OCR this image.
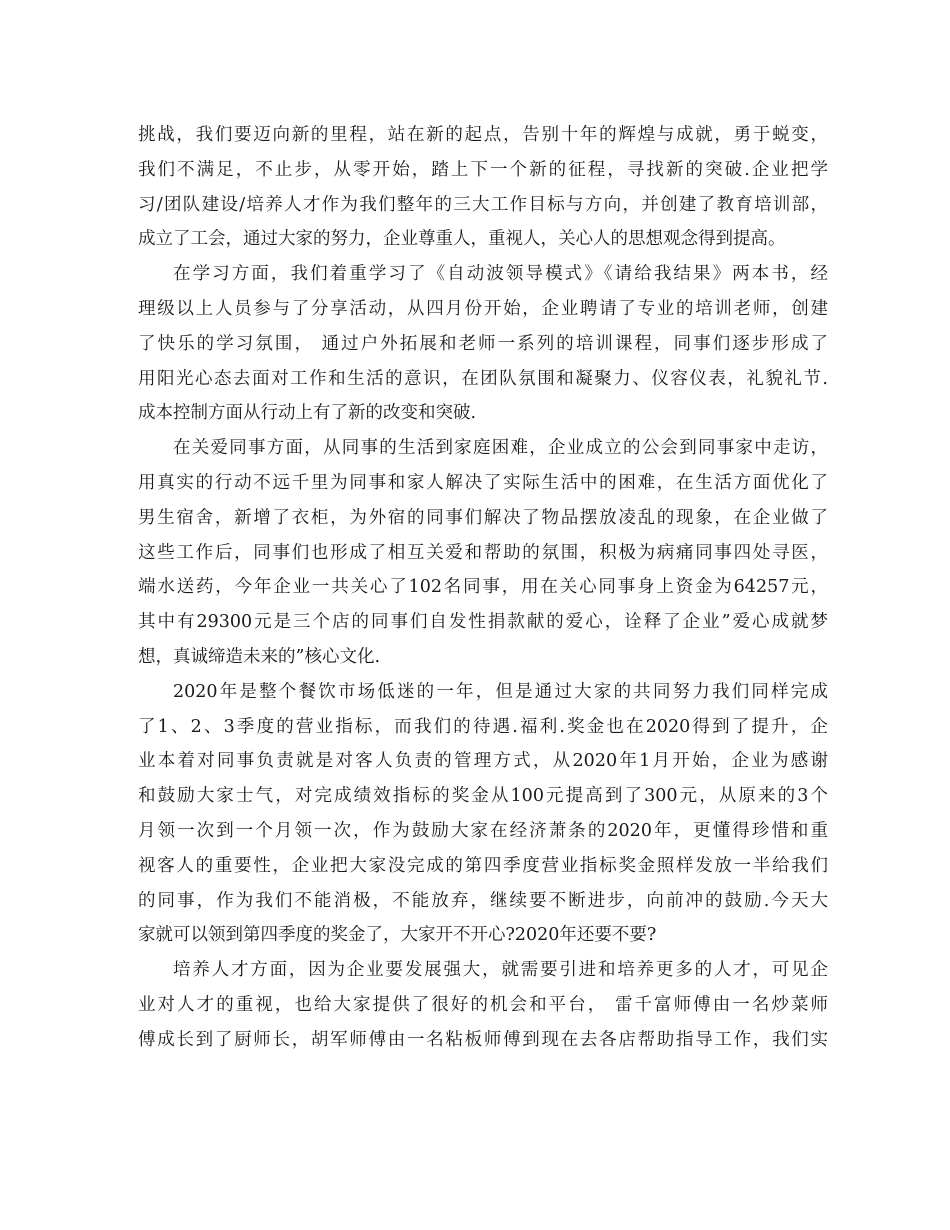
挑战，我们要迈向新的里程，站在新的起点，告别十年的辉煌与成就，勇于蜕变，
我们不满足，不止步，从零开始，踏上下一个新的征程，寻找新的突破.企业把学
习/团队建设/培养人才作为我们整年的三大工作目标与方向，并创建了教育培训部，
成立了工会，通过大家的努力，企业尊重人，重视人，关心人的思想观念得到提高。
在学习方面，我们着重学习了《自动波领导模式》《请给我结果》两本书，经
理级以上人员参与了分享活动，从四月份开始，企业聘请了专业的培训老师，创建
了快乐的学习氛围， 通过户外拓展和老师一系列的培训课程，同事们逐步形成了
用阳光心态去面对工作和生活的意识，在团队氛围和凝聚力、仪容仪表，礼貌礼节.
成本控制方面从行动上有了新的改变和突破.
在关爱同事方面，从同事的生活到家庭困难，企业成立的公会到同事家中走访，
用真实的行动不远千里为同事和家人解决了实际生活中的困难，在生活方面优化了
男生宿舍，新增了衣柜，为外宿的同事们解决了物品摆放凌乱的现象，在企业做了
这些工作后，同事们也形成了相互关爱和帮助的氛围，积极为病痛同事四处寻医，
端水送药，今年企业一共关心了102名同事，用在关心同事身上资金为64257元，
其中有29300元是三个店的同事们自发性捐款献的爱心，诠释了企业”爱心成就梦
想，真诚缔造未来的”核心文化.
2020年是整个餐饮市场低迷的一年，但是通过大家的共同努力我们同样完成
了1、2、3季度的营业指标，而我们的待遇.福利.奖金也在2020得到了提升，企
业本着对同事负责就是对客人负责的管理方式，从2020年1月开始，企业为感谢
和鼓励大家士气，对完成绩效指标的奖金从100元提高到了300元，从原来的3个
月领一次到一个月领一次，作为鼓励大家在经济萧条的2020年，更懂得珍惜和重
视客人的重要性，企业把大家没完成的第四季度营业指标奖金照样发放一半给我们
的同事，作为我们不能消极，不能放弃，继续要不断进步，向前冲的鼓励.今天大
家就可以领到第四季度的奖金了，大家开不开心?2020年还要不要?
培养人才方面，因为企业要发展强大，就需要引进和培养更多的人才，可见企
业对人才的重视，也给大家提供了很好的机会和平台， 雷千富师傅由一名炒菜师
傅成长到了厨师长，胡军师傅由一名粘板师傅到现在去各店帮助指导工作，我们实
